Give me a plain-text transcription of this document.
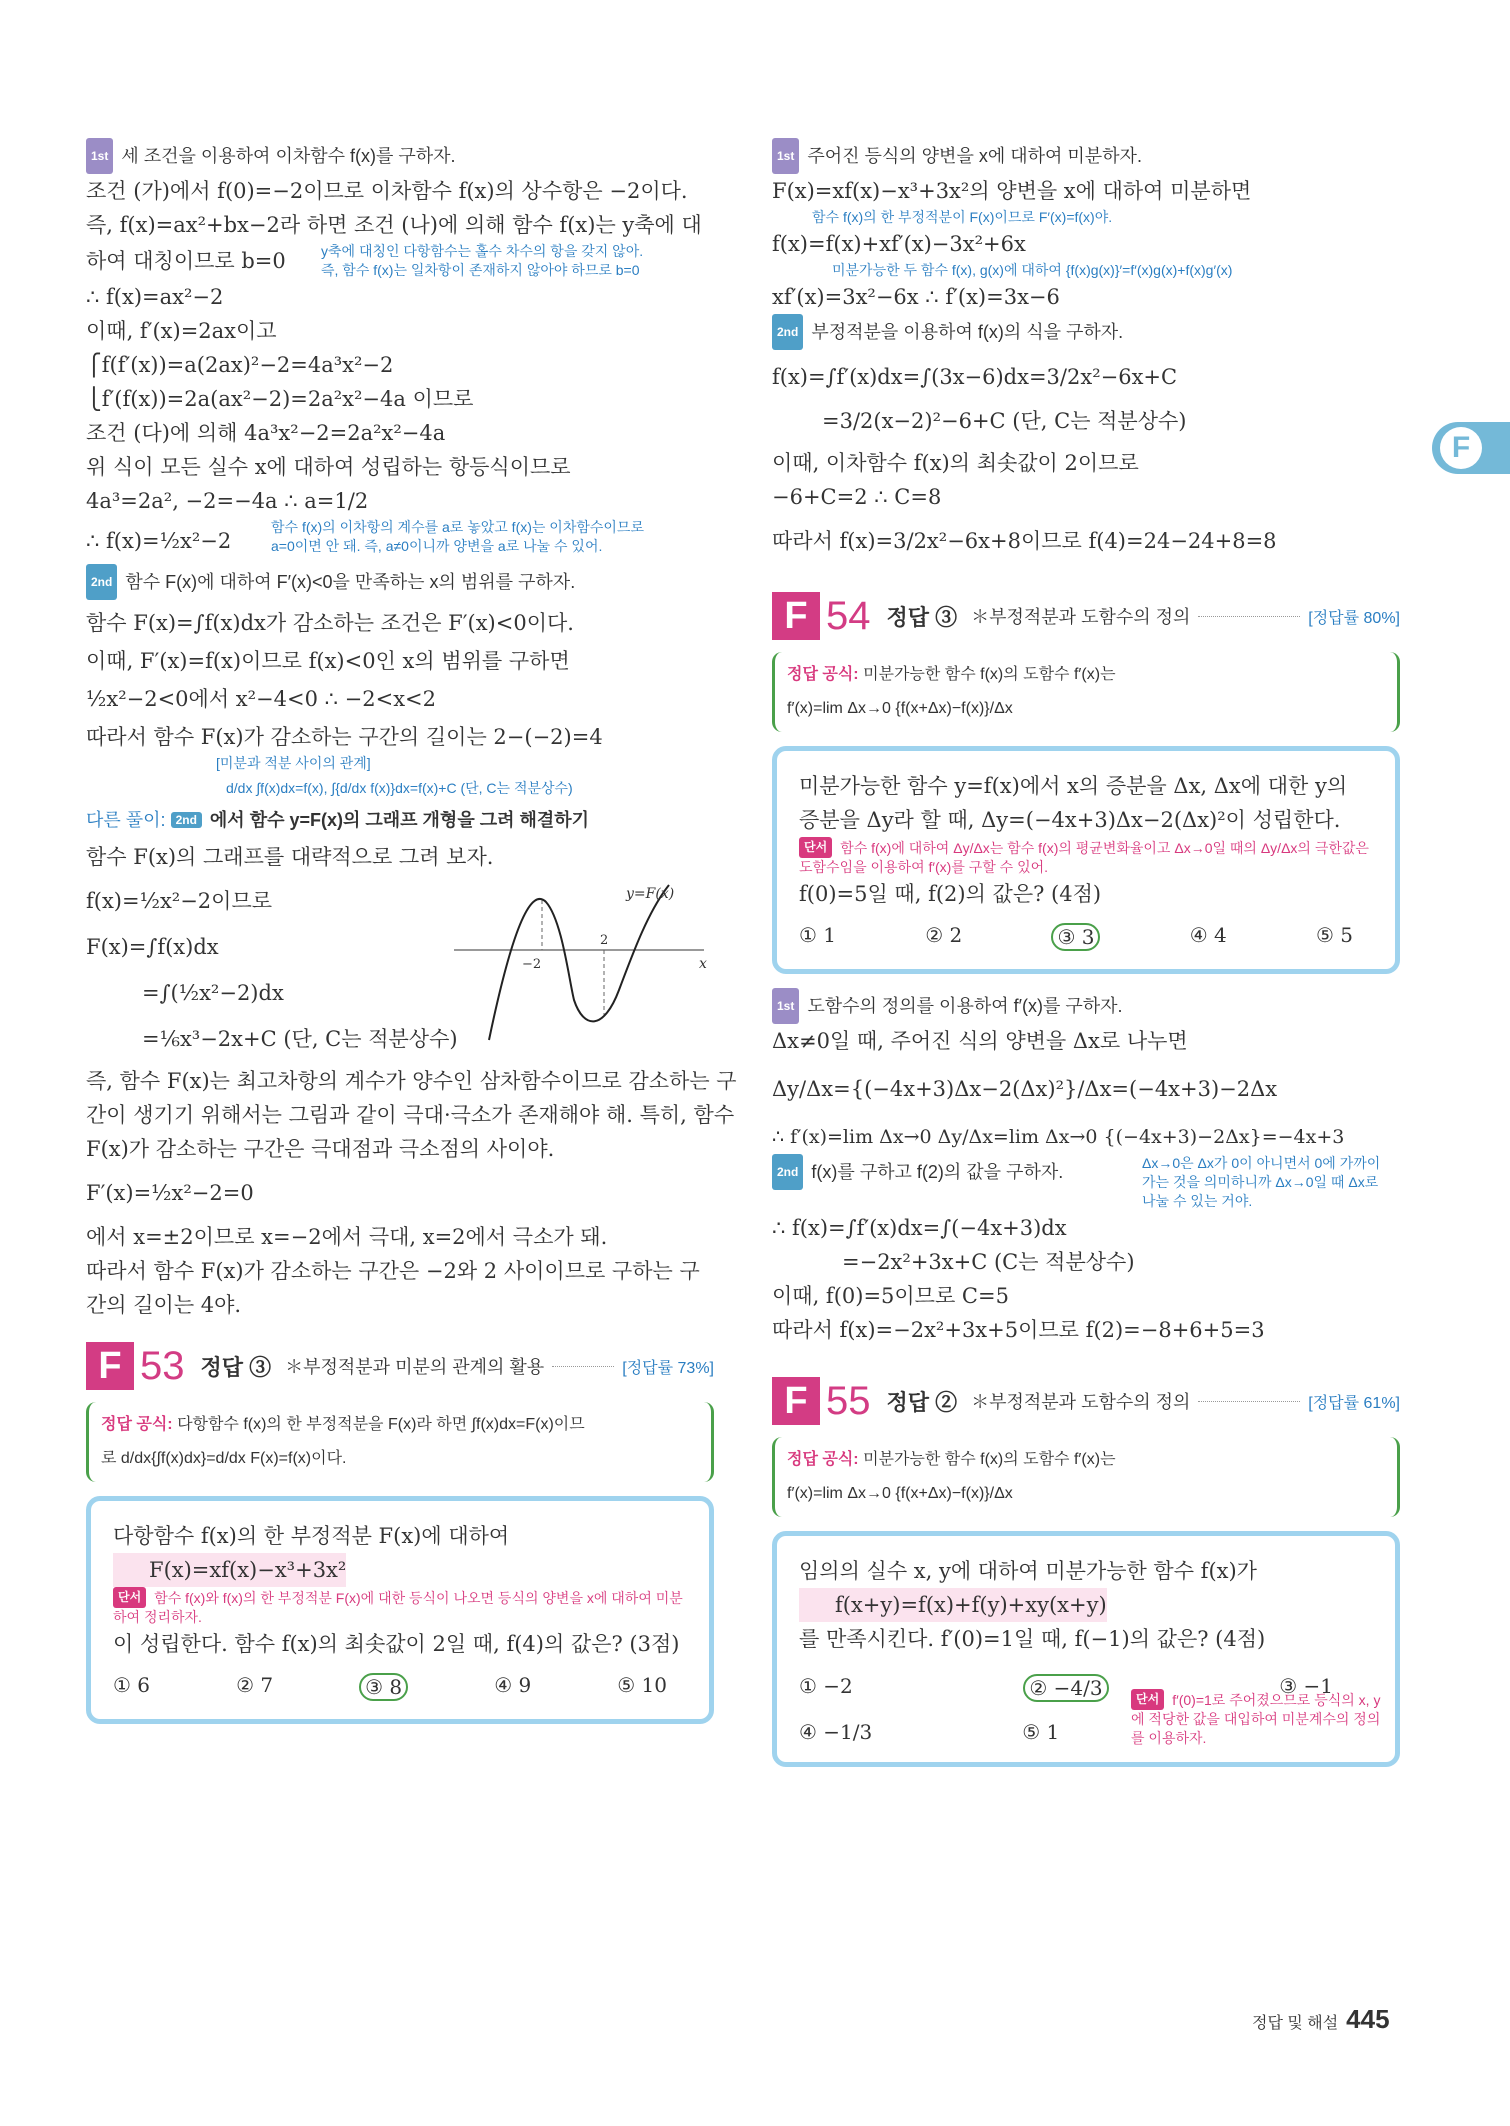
F
1st 세 조건을 이용하여 이차함수 f(x)를 구하자.
조건 (가)에서 f(0)=−2이므로 이차함수 f(x)의 상수항은 −2이다.
즉, f(x)=ax²+bx−2라 하면 조건 (나)에 의해 함수 f(x)는 y축에 대
하여 대칭이므로 b=0	y축에 대칭인 다항함수는 홀수 차수의 항을 갖지 않아.
즉, 함수 f(x)는 일차항이 존재하지 않아야 하므로 b=0
∴ f(x)=ax²−2
이때, f′(x)=2ax이고
⎧f(f′(x))=a(2ax)²−2=4a³x²−2
⎩f′(f(x))=2a(ax²−2)=2a²x²−4a 이므로
조건 (다)에 의해 4a³x²−2=2a²x²−4a
위 식이 모든 실수 x에 대하여 성립하는 항등식이므로
4a³=2a², −2=−4a ∴ a=1/2
∴ f(x)=½x²−2
함수 f(x)의 이차항의 계수를 a로 놓았고 f(x)는 이차함수이므로
a=0이면 안 돼. 즉, a≠0이니까 양변을 a로 나눌 수 있어.
2nd 함수 F(x)에 대하여 F′(x)<0을 만족하는 x의 범위를 구하자.
함수 F(x)=∫f(x)dx가 감소하는 조건은 F′(x)<0이다.
이때, F′(x)=f(x)이므로 f(x)<0인 x의 범위를 구하면
½x²−2<0에서 x²−4<0 ∴ −2<x<2
따라서 함수 F(x)가 감소하는 구간의 길이는 2−(−2)=4
[미분과 적분 사이의 관계]
d/dx ∫f(x)dx=f(x), ∫{d/dx f(x)}dx=f(x)+C (단, C는 적분상수)
다른 풀이: 2nd 에서 함수 y=F(x)의 그래프 개형을 그려 해결하기
함수 F(x)의 그래프를 대략적으로 그려 보자.
f(x)=½x²−2이므로
F(x)=∫f(x)dx
=∫(½x²−2)dx
=⅙x³−2x+C (단, C는 적분상수)
y=F(x)
x
−2
2
즉, 함수 F(x)는 최고차항의 계수가 양수인 삼차함수이므로 감소하는 구
간이 생기기 위해서는 그림과 같이 극대·극소가 존재해야 해. 특히, 함수
F(x)가 감소하는 구간은 극대점과 극소점의 사이야.
F′(x)=½x²−2=0
에서 x=±2이므로 x=−2에서 극대, x=2에서 극소가 돼.
따라서 함수 F(x)가 감소하는 구간은 −2와 2 사이이므로 구하는 구
간의 길이는 4야.
F 53 정답 ③ ＊부정적분과 미분의 관계의 활용	[정답률 73%]
정답 공식: 다항함수 f(x)의 한 부정적분을 F(x)라 하면 ∫f(x)dx=F(x)이므
로 d/dx{∫f(x)dx}=d/dx F(x)=f(x)이다.
다항함수 f(x)의 한 부정적분 F(x)에 대하여
F(x)=xf(x)−x³+3x²
단서 함수 f(x)와 f(x)의 한 부정적분 F(x)에 대한 등식이 나오면 등식의 양변을 x에 대하여 미분하여 정리하자.
이 성립한다. 함수 f(x)의 최솟값이 2일 때, f(4)의 값은? (3점)
① 6	② 7	③ 8	④ 9	⑤ 10
1st 주어진 등식의 양변을 x에 대하여 미분하자.
F(x)=xf(x)−x³+3x²의 양변을 x에 대하여 미분하면
함수 f(x)의 한 부정적분이 F(x)이므로 F′(x)=f(x)야.
f(x)=f(x)+xf′(x)−3x²+6x
미분가능한 두 함수 f(x), g(x)에 대하여 {f(x)g(x)}′=f′(x)g(x)+f(x)g′(x)
xf′(x)=3x²−6x ∴ f′(x)=3x−6
2nd 부정적분을 이용하여 f(x)의 식을 구하자.
f(x)=∫f′(x)dx=∫(3x−6)dx=3/2x²−6x+C
=3/2(x−2)²−6+C (단, C는 적분상수)
이때, 이차함수 f(x)의 최솟값이 2이므로
−6+C=2 ∴ C=8
따라서 f(x)=3/2x²−6x+8이므로 f(4)=24−24+8=8
F 54 정답 ③ ＊부정적분과 도함수의 정의	[정답률 80%]
정답 공식: 미분가능한 함수 f(x)의 도함수 f′(x)는
f′(x)=lim Δx→0 {f(x+Δx)−f(x)}/Δx
미분가능한 함수 y=f(x)에서 x의 증분을 Δx, Δx에 대한 y의
증분을 Δy라 할 때, Δy=(−4x+3)Δx−2(Δx)²이 성립한다.
단서 함수 f(x)에 대하여 Δy/Δx는 함수 f(x)의 평균변화율이고 Δx→0일 때의 Δy/Δx의 극한값은 도함수임을 이용하여 f′(x)를 구할 수 있어.
f(0)=5일 때, f(2)의 값은? (4점)
① 1	② 2	③ 3	④ 4	⑤ 5
1st 도함수의 정의를 이용하여 f′(x)를 구하자.
Δx≠0일 때, 주어진 식의 양변을 Δx로 나누면
Δy/Δx={(−4x+3)Δx−2(Δx)²}/Δx=(−4x+3)−2Δx
∴ f′(x)=lim Δx→0 Δy/Δx=lim Δx→0 {(−4x+3)−2Δx}=−4x+3
2nd f(x)를 구하고 f(2)의 값을 구하자.	Δx→0은 Δx가 0이 아니면서 0에 가까이 가는 것을 의미하니까 Δx→0일 때 Δx로 나눌 수 있는 거야.
∴ f(x)=∫f′(x)dx=∫(−4x+3)dx
=−2x²+3x+C (C는 적분상수)
이때, f(0)=5이므로 C=5
따라서 f(x)=−2x²+3x+5이므로 f(2)=−8+6+5=3
F 55 정답 ② ＊부정적분과 도함수의 정의	[정답률 61%]
정답 공식: 미분가능한 함수 f(x)의 도함수 f′(x)는
f′(x)=lim Δx→0 {f(x+Δx)−f(x)}/Δx
임의의 실수 x, y에 대하여 미분가능한 함수 f(x)가
f(x+y)=f(x)+f(y)+xy(x+y)
를 만족시킨다. f′(0)=1일 때, f(−1)의 값은? (4점)
① −2	② −4/3	③ −1
④ −1/3	⑤ 1
단서 f′(0)=1로 주어졌으므로 등식의 x, y에 적당한 값을 대입하여 미분계수의 정의를 이용하자.
정답 및 해설 445
